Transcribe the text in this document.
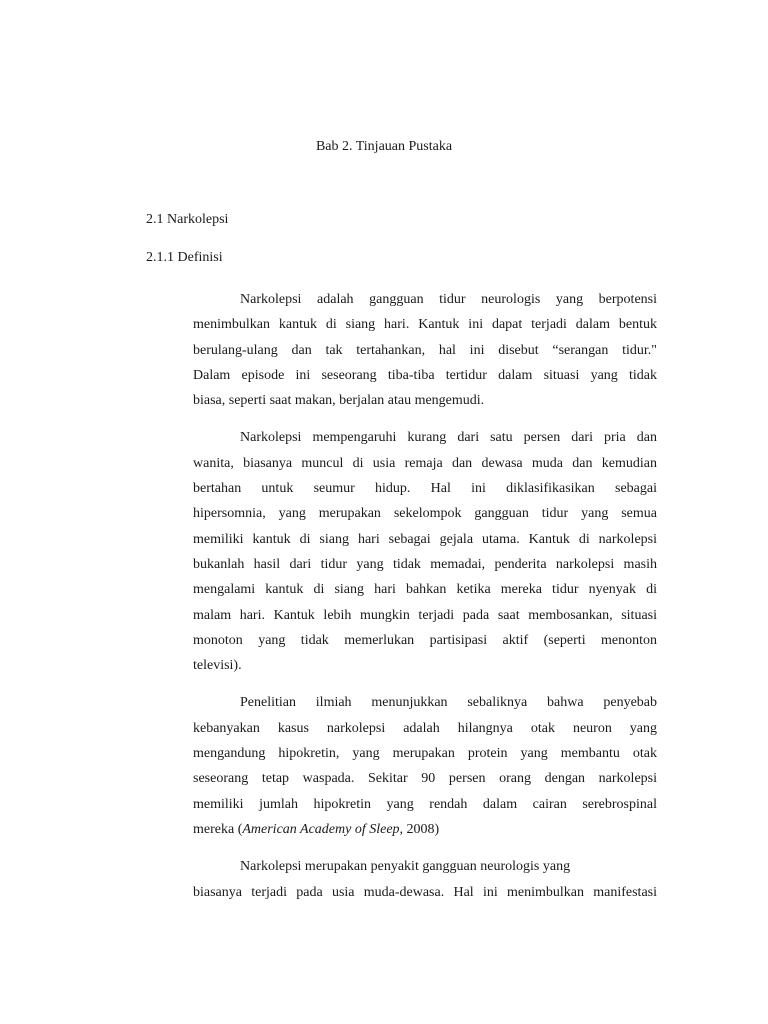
Bab 2. Tinjauan Pustaka
2.1 Narkolepsi
2.1.1 Definisi

Narkolepsi adalah gangguan tidur neurologis yang berpotensi
menimbulkan kantuk di siang hari. Kantuk ini dapat terjadi dalam bentuk
berulang-ulang dan tak tertahankan, hal ini disebut “serangan tidur."
Dalam episode ini seseorang tiba-tiba tertidur dalam situasi yang tidak
biasa, seperti saat makan, berjalan atau mengemudi.

Narkolepsi mempengaruhi kurang dari satu persen dari pria dan
wanita, biasanya muncul di usia remaja dan dewasa muda dan kemudian
bertahan untuk seumur hidup. Hal ini diklasifikasikan sebagai
hipersomnia, yang merupakan sekelompok gangguan tidur yang semua
memiliki kantuk di siang hari sebagai gejala utama. Kantuk di narkolepsi
bukanlah hasil dari tidur yang tidak memadai, penderita narkolepsi masih
mengalami kantuk di siang hari bahkan ketika mereka tidur nyenyak di
malam hari. Kantuk lebih mungkin terjadi pada saat membosankan, situasi
monoton yang tidak memerlukan partisipasi aktif (seperti menonton
televisi).

Penelitian ilmiah menunjukkan sebaliknya bahwa penyebab
kebanyakan kasus narkolepsi adalah hilangnya otak neuron yang
mengandung hipokretin, yang merupakan protein yang membantu otak
seseorang tetap waspada. Sekitar 90 persen orang dengan narkolepsi
memiliki jumlah hipokretin yang rendah dalam cairan serebrospinal
mereka (American Academy of Sleep, 2008)

Narkolepsi merupakan penyakit gangguan neurologis yang
biasanya terjadi pada usia muda-dewasa. Hal ini menimbulkan manifestasi
